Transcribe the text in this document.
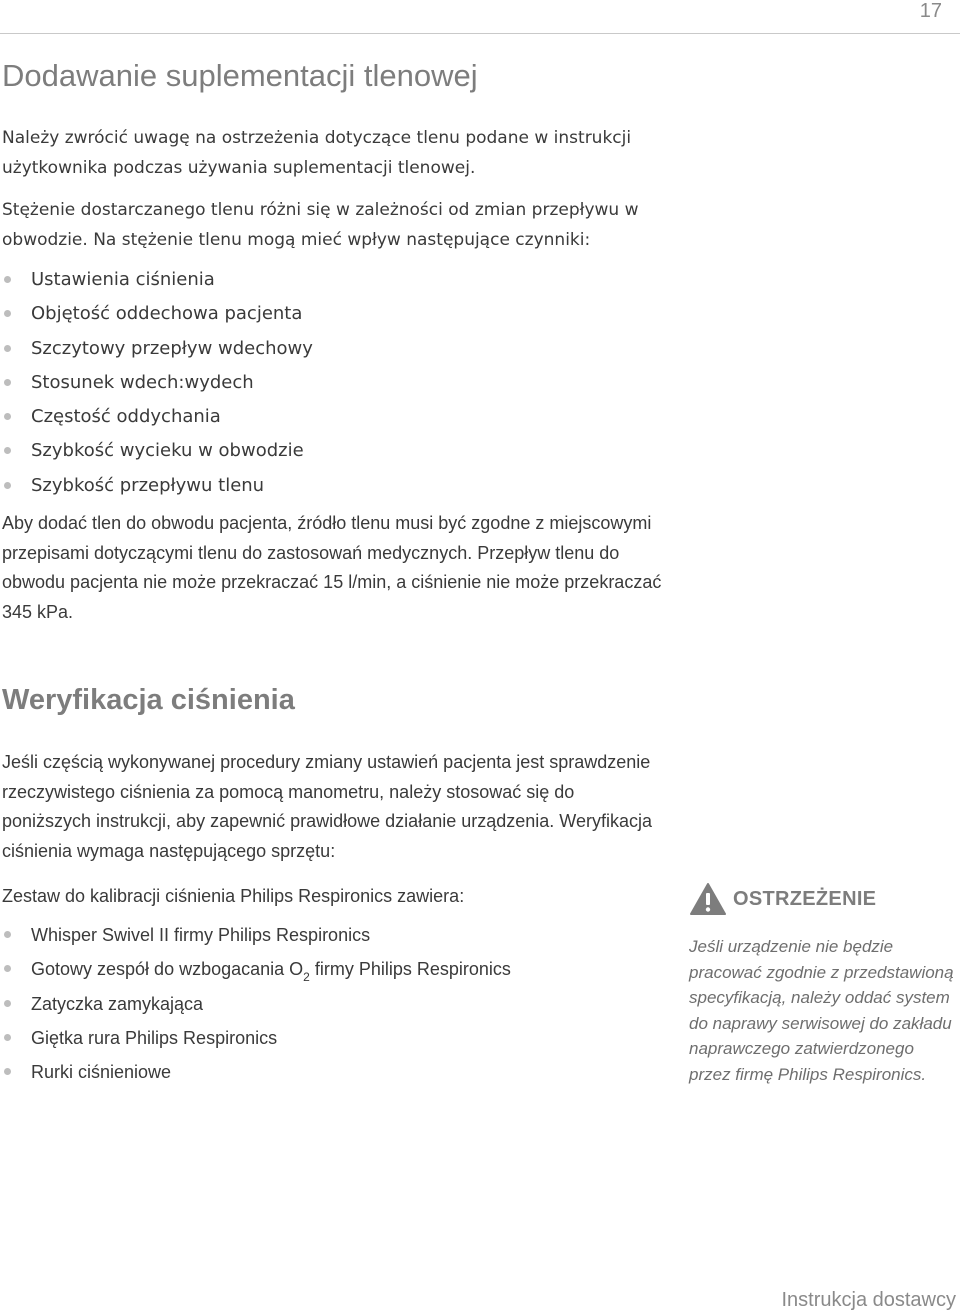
17
Dodawanie suplementacji tlenowej

Należy zwrócić uwagę na ostrzeżenia dotyczące tlenu podane w instrukcji użytkownika podczas używania suplementacji tlenowej.

Stężenie dostarczanego tlenu różni się w zależności od zmian przepływu w obwodzie. Na stężenie tlenu mogą mieć wpływ następujące czynniki:

Ustawienia ciśnienia
Objętość oddechowa pacjenta
Szczytowy przepływ wdechowy
Stosunek wdech:wydech
Częstość oddychania
Szybkość wycieku w obwodzie
Szybkość przepływu tlenu

Aby dodać tlen do obwodu pacjenta, źródło tlenu musi być zgodne z miejscowymi przepisami dotyczącymi tlenu do zastosowań medycznych. Przepływ tlenu do obwodu pacjenta nie może przekraczać 15 l/min, a ciśnienie nie może przekraczać 345 kPa.

Weryfikacja ciśnienia

Jeśli częścią wykonywanej procedury zmiany ustawień pacjenta jest sprawdzenie rzeczywistego ciśnienia za pomocą manometru, należy stosować się do poniższych instrukcji, aby zapewnić prawidłowe działanie urządzenia. Weryfikacja ciśnienia wymaga następującego sprzętu:

Zestaw do kalibracji ciśnienia Philips Respironics zawiera:

Whisper Swivel II firmy Philips Respironics
Gotowy zespół do wzbogacania $O_2$ firmy Philips Respironics
Zatyczka zamykająca
Giętka rura Philips Respironics
Rurki ciśnieniowe
OSTRZEŻENIE
Jeśli urządzenie nie będzie pracować zgodnie z przedstawioną specyfikacją, należy oddać system do naprawy serwisowej do zakładu naprawczego zatwierdzonego przez firmę Philips Respironics.
Instrukcja dostawcy
